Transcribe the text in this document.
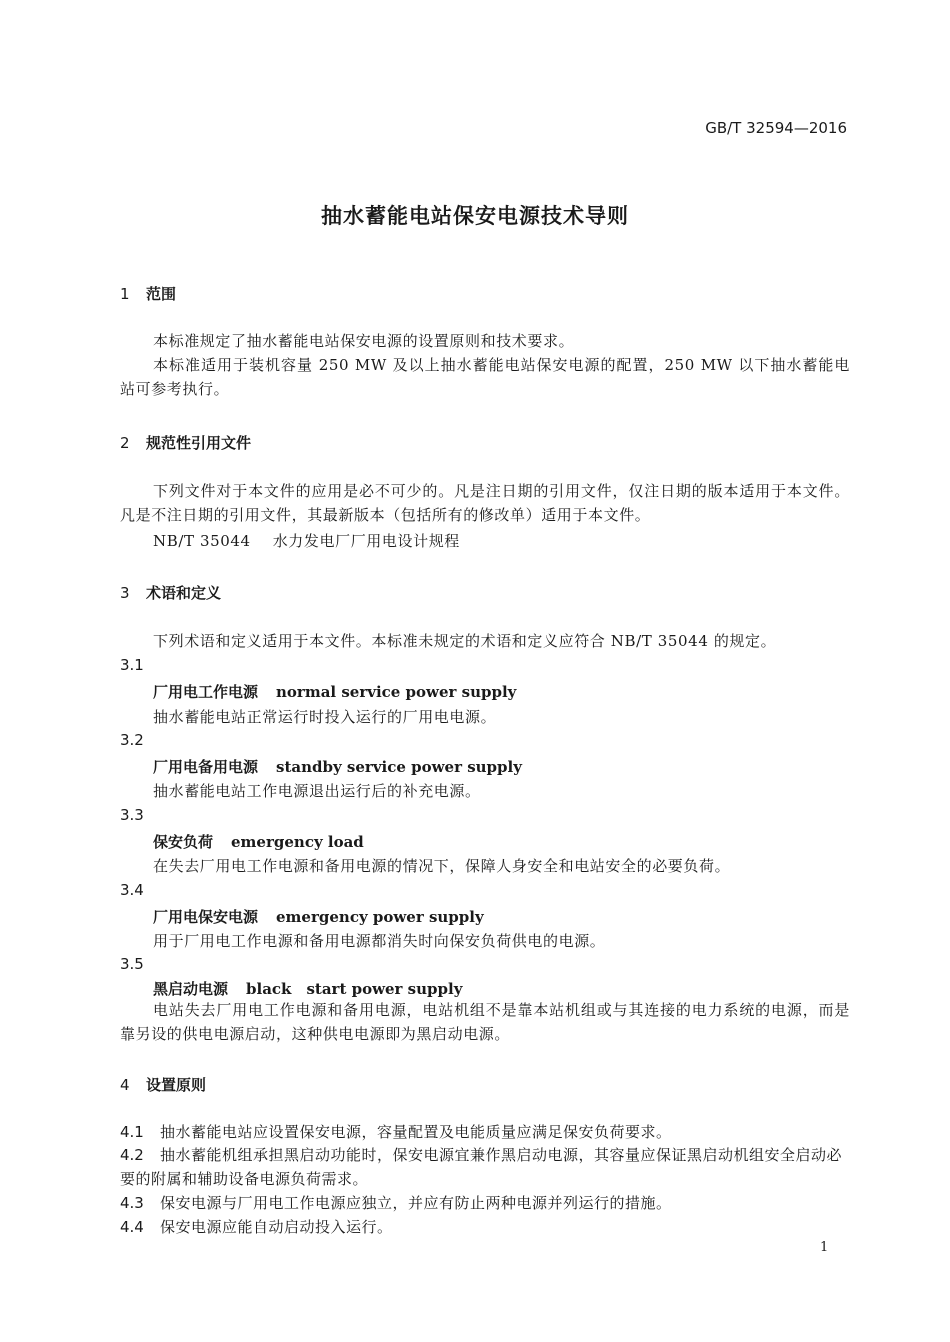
GB/T 32594—2016
抽水蓄能电站保安电源技术导则
1 范围
本标准规定了抽水蓄能电站保安电源的设置原则和技术要求。
本标准适用于装机容量 250 MW 及以上抽水蓄能电站保安电源的配置，250 MW 以下抽水蓄能电站可参考执行。
2 规范性引用文件
下列文件对于本文件的应用是必不可少的。凡是注日期的引用文件，仅注日期的版本适用于本文件。凡是不注日期的引用文件，其最新版本（包括所有的修改单）适用于本文件。
NB/T 35044 水力发电厂厂用电设计规程
3 术语和定义
下列术语和定义适用于本文件。本标准未规定的术语和定义应符合 NB/T 35044 的规定。
3.1
厂用电工作电源 normal service power supply
抽水蓄能电站正常运行时投入运行的厂用电电源。
3.2
厂用电备用电源 standby service power supply
抽水蓄能电站工作电源退出运行后的补充电源。
3.3
保安负荷 emergency load
在失去厂用电工作电源和备用电源的情况下，保障人身安全和电站安全的必要负荷。
3.4
厂用电保安电源 emergency power supply
用于厂用电工作电源和备用电源都消失时向保安负荷供电的电源。
3.5
黑启动电源 black　start power supply
电站失去厂用电工作电源和备用电源，电站机组不是靠本站机组或与其连接的电力系统的电源，而是靠另设的供电电源启动，这种供电电源即为黑启动电源。
4 设置原则
4.1 抽水蓄能电站应设置保安电源，容量配置及电能质量应满足保安负荷要求。
4.2 抽水蓄能机组承担黑启动功能时，保安电源宜兼作黑启动电源，其容量应保证黑启动机组安全启动必要的附属和辅助设备电源负荷需求。
4.3 保安电源与厂用电工作电源应独立，并应有防止两种电源并列运行的措施。
4.4 保安电源应能自动启动投入运行。
1
